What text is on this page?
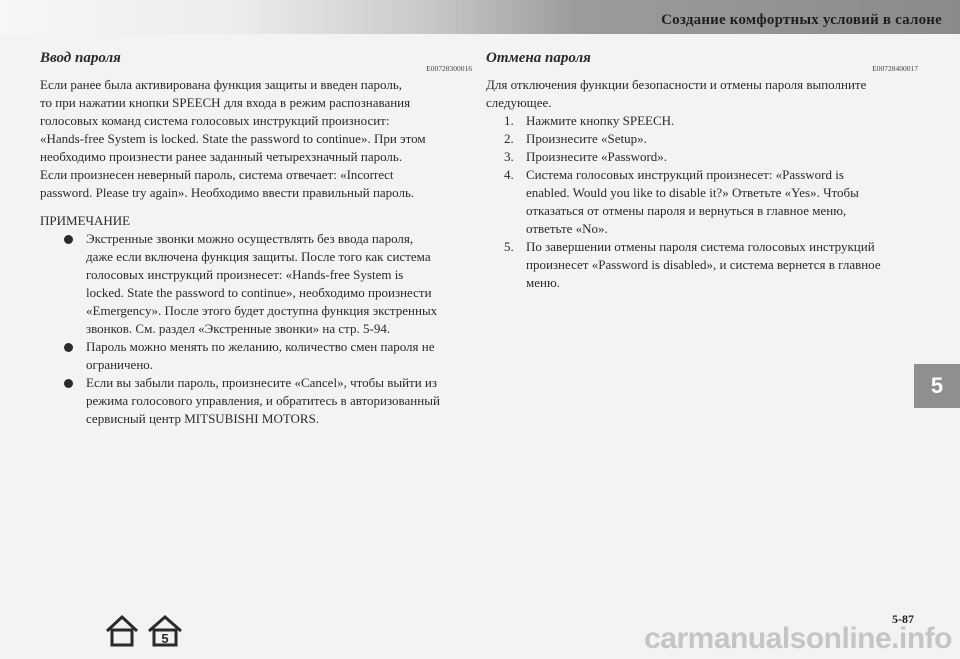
Создание комфортных условий в салоне
Ввод пароля
E00728300016
Если ранее была активирована функция защиты и введен пароль,
то при нажатии кнопки SPEECH для входа в режим распознавания
голосовых команд система голосовых инструкций произносит:
«Hands-free System is locked. State the password to continue». При этом
необходимо произнести ранее заданный четырехзначный пароль.
Если произнесен неверный пароль, система отвечает: «Incorrect
password. Please try again». Необходимо ввести правильный пароль.
ПРИМЕЧАНИЕ
Экстренные звонки можно осуществлять без ввода пароля,
даже если включена функция защиты. После того как система
голосовых инструкций произнесет: «Hands-free System is
locked. State the password to continue», необходимо произнести
«Emergency». После этого будет доступна функция экстренных
звонков. См. раздел «Экстренные звонки» на стр. 5-94.
Пароль можно менять по желанию, количество смен пароля не
ограничено.
Если вы забыли пароль, произнесите «Cancel», чтобы выйти из
режима голосового управления, и обратитесь в авторизованный
сервисный центр MITSUBISHI MOTORS.
Отмена пароля
E00728400017
Для отключения функции безопасности и отмены пароля выполните
следующее.
1. Нажмите кнопку SPEECH.
2. Произнесите «Setup».
3. Произнесите «Password».
4. Система голосовых инструкций произнесет: «Password is
enabled. Would you like to disable it?» Ответьте «Yes». Чтобы
отказаться от отмены пароля и вернуться в главное меню,
ответьте «No».
5. По завершении отмены пароля система голосовых инструкций
произнесет «Password is disabled», и система вернется в главное
меню.
5
5
5-87
carmanualsonline.info
